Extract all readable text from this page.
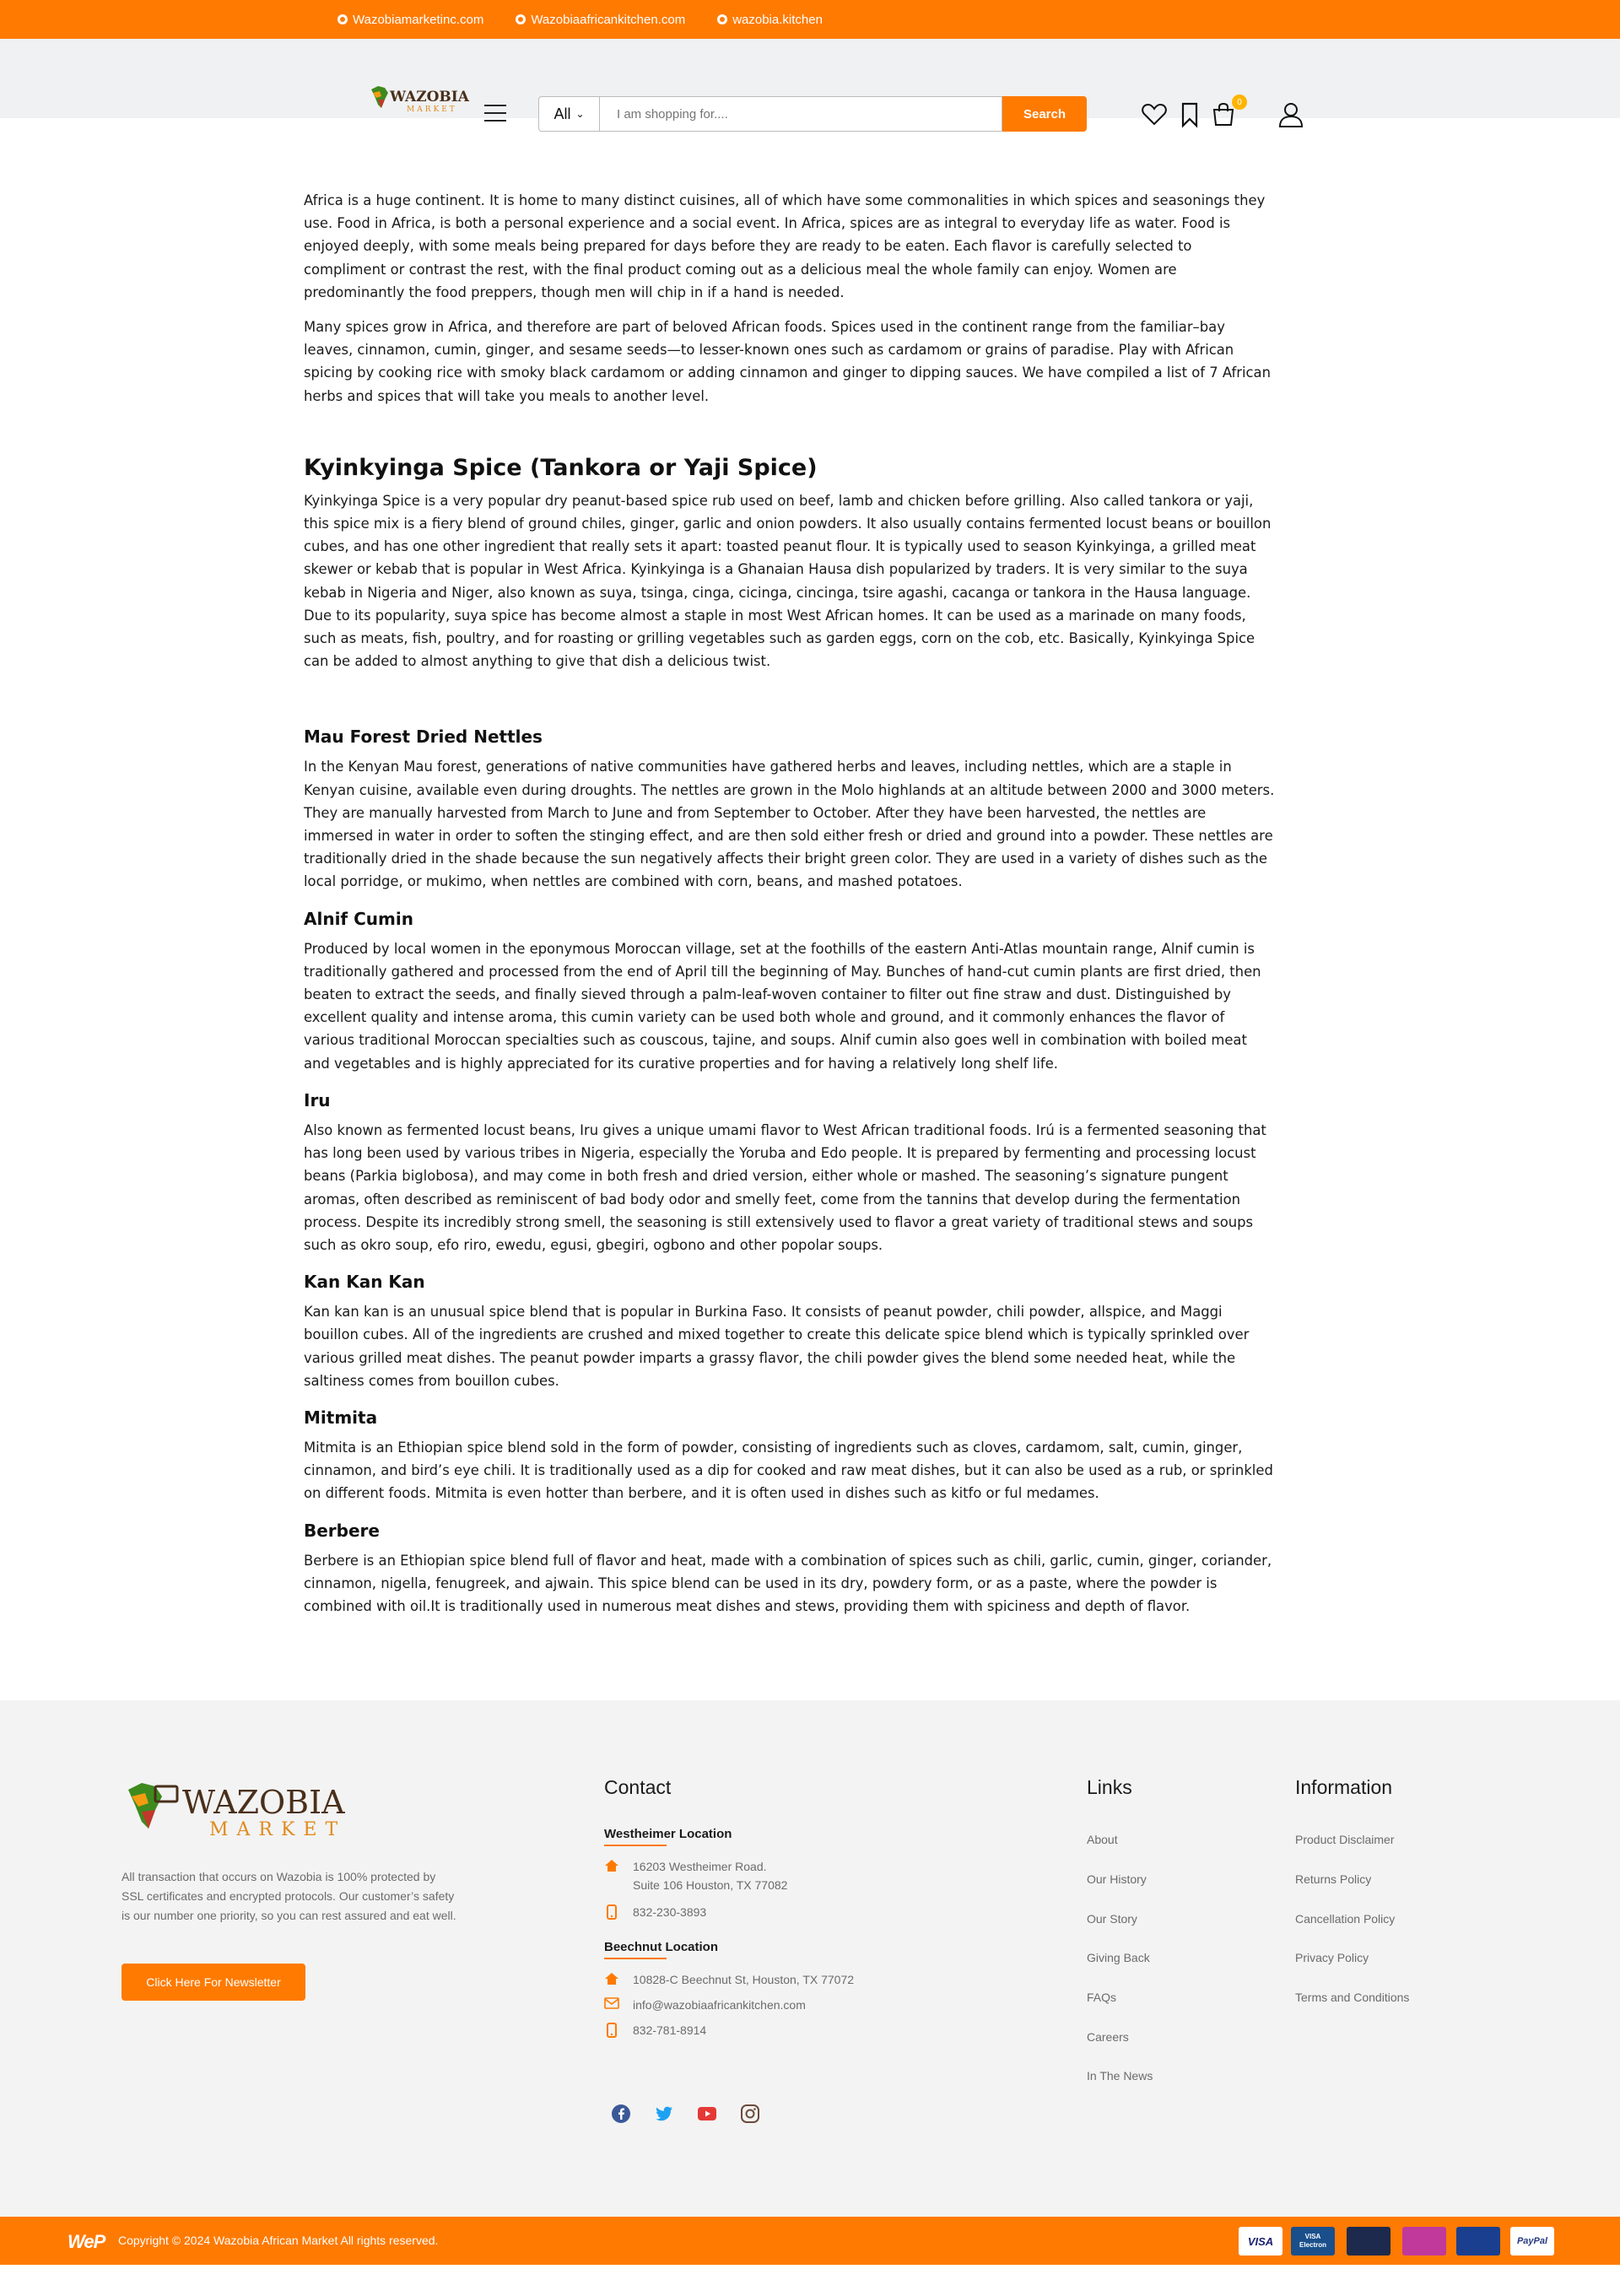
Wazobiamarketinc.com	Wazobiaafricankitchen.com	wazobia.kitchen
WAZOBIA
MARKET	All ⌄
I am shopping for....	Search
0

Africa is a huge continent. It is home to many distinct cuisines, all of which have some commonalities in which spices and seasonings they use. Food in Africa, is both a personal experience and a social event. In Africa, spices are as integral to everyday life as water. Food is enjoyed deeply, with some meals being prepared for days before they are ready to be eaten. Each flavor is carefully selected to compliment or contrast the rest, with the final product coming out as a delicious meal the whole family can enjoy. Women are predominantly the food preppers, though men will chip in if a hand is needed.

Many spices grow in Africa, and therefore are part of beloved African foods. Spices used in the continent range from the familiar–bay leaves, cinnamon, cumin, ginger, and sesame seeds—to lesser-known ones such as cardamom or grains of paradise. Play with African spicing by cooking rice with smoky black cardamom or adding cinnamon and ginger to dipping sauces. We have compiled a list of 7 African herbs and spices that will take you meals to another level.

Kyinkyinga Spice (Tankora or Yaji Spice)

Kyinkyinga Spice is a very popular dry peanut-based spice rub used on beef, lamb and chicken before grilling. Also called tankora or yaji, this spice mix is a fiery blend of ground chiles, ginger, garlic and onion powders. It also usually contains fermented locust beans or bouillon cubes, and has one other ingredient that really sets it apart: toasted peanut flour. It is typically used to season Kyinkyinga, a grilled meat skewer or kebab that is popular in West Africa. Kyinkyinga is a Ghanaian Hausa dish popularized by traders. It is very similar to the suya kebab in Nigeria and Niger, also known as suya, tsinga, cinga, cicinga, cincinga, tsire agashi, cacanga or tankora in the Hausa language. Due to its popularity, suya spice has become almost a staple in most West African homes. It can be used as a marinade on many foods, such as meats, fish, poultry, and for roasting or grilling vegetables such as garden eggs, corn on the cob, etc. Basically, Kyinkyinga Spice can be added to almost anything to give that dish a delicious twist.

Mau Forest Dried Nettles

In the Kenyan Mau forest, generations of native communities have gathered herbs and leaves, including nettles, which are a staple in Kenyan cuisine, available even during droughts. The nettles are grown in the Molo highlands at an altitude between 2000 and 3000 meters. They are manually harvested from March to June and from September to October. After they have been harvested, the nettles are immersed in water in order to soften the stinging effect, and are then sold either fresh or dried and ground into a powder. These nettles are traditionally dried in the shade because the sun negatively affects their bright green color. They are used in a variety of dishes such as the local porridge, or mukimo, when nettles are combined with corn, beans, and mashed potatoes.

Alnif Cumin

Produced by local women in the eponymous Moroccan village, set at the foothills of the eastern Anti-Atlas mountain range, Alnif cumin is traditionally gathered and processed from the end of April till the beginning of May. Bunches of hand-cut cumin plants are first dried, then beaten to extract the seeds, and finally sieved through a palm-leaf-woven container to filter out fine straw and dust. Distinguished by excellent quality and intense aroma, this cumin variety can be used both whole and ground, and it commonly enhances the flavor of various traditional Moroccan specialties such as couscous, tajine, and soups. Alnif cumin also goes well in combination with boiled meat and vegetables and is highly appreciated for its curative properties and for having a relatively long shelf life.

Iru

Also known as fermented locust beans, Iru gives a unique umami flavor to West African traditional foods. Irú is a fermented seasoning that has long been used by various tribes in Nigeria, especially the Yoruba and Edo people. It is prepared by fermenting and processing locust beans (Parkia biglobosa), and may come in both fresh and dried version, either whole or mashed. The seasoning’s signature pungent aromas, often described as reminiscent of bad body odor and smelly feet, come from the tannins that develop during the fermentation process. Despite its incredibly strong smell, the seasoning is still extensively used to flavor a great variety of traditional stews and soups such as okro soup, efo riro, ewedu, egusi, gbegiri, ogbono and other popolar soups.

Kan Kan Kan

Kan kan kan is an unusual spice blend that is popular in Burkina Faso. It consists of peanut powder, chili powder, allspice, and Maggi bouillon cubes. All of the ingredients are crushed and mixed together to create this delicate spice blend which is typically sprinkled over various grilled meat dishes. The peanut powder imparts a grassy flavor, the chili powder gives the blend some needed heat, while the saltiness comes from bouillon cubes.

Mitmita

Mitmita is an Ethiopian spice blend sold in the form of powder, consisting of ingredients such as cloves, cardamom, salt, cumin, ginger, cinnamon, and bird’s eye chili. It is traditionally used as a dip for cooked and raw meat dishes, but it can also be used as a rub, or sprinkled on different foods. Mitmita is even hotter than berbere, and it is often used in dishes such as kitfo or ful medames.

Berbere

Berbere is an Ethiopian spice blend full of flavor and heat, made with a combination of spices such as chili, garlic, cumin, ginger, coriander, cinnamon, nigella, fenugreek, and ajwain. This spice blend can be used in its dry, powdery form, or as a paste, where the powder is combined with oil.It is traditionally used in numerous meat dishes and stews, providing them with spiciness and depth of flavor.

WAZOBIA
MARKET
All transaction that occurs on Wazobia is 100% protected by SSL certificates and encrypted protocols. Our customer’s safety is our number one priority, so you can rest assured and eat well.
Click Here For Newsletter
Contact
Westheimer Location
16203 Westheimer Road.
Suite 106 Houston, TX 77082
832-230-3893
Beechnut Location
10828-C Beechnut St, Houston, TX 77072
info@wazobiaafricankitchen.com
832-781-8914
Links
About
Our History
Our Story
Giving Back
FAQs
Careers
In The News
Information
Product Disclaimer
Returns Policy
Cancellation Policy
Privacy Policy
Terms and Conditions
WeP Copyright © 2024 Wazobia African Market All rights reserved.	VISA	VISA Electron	PayPal
